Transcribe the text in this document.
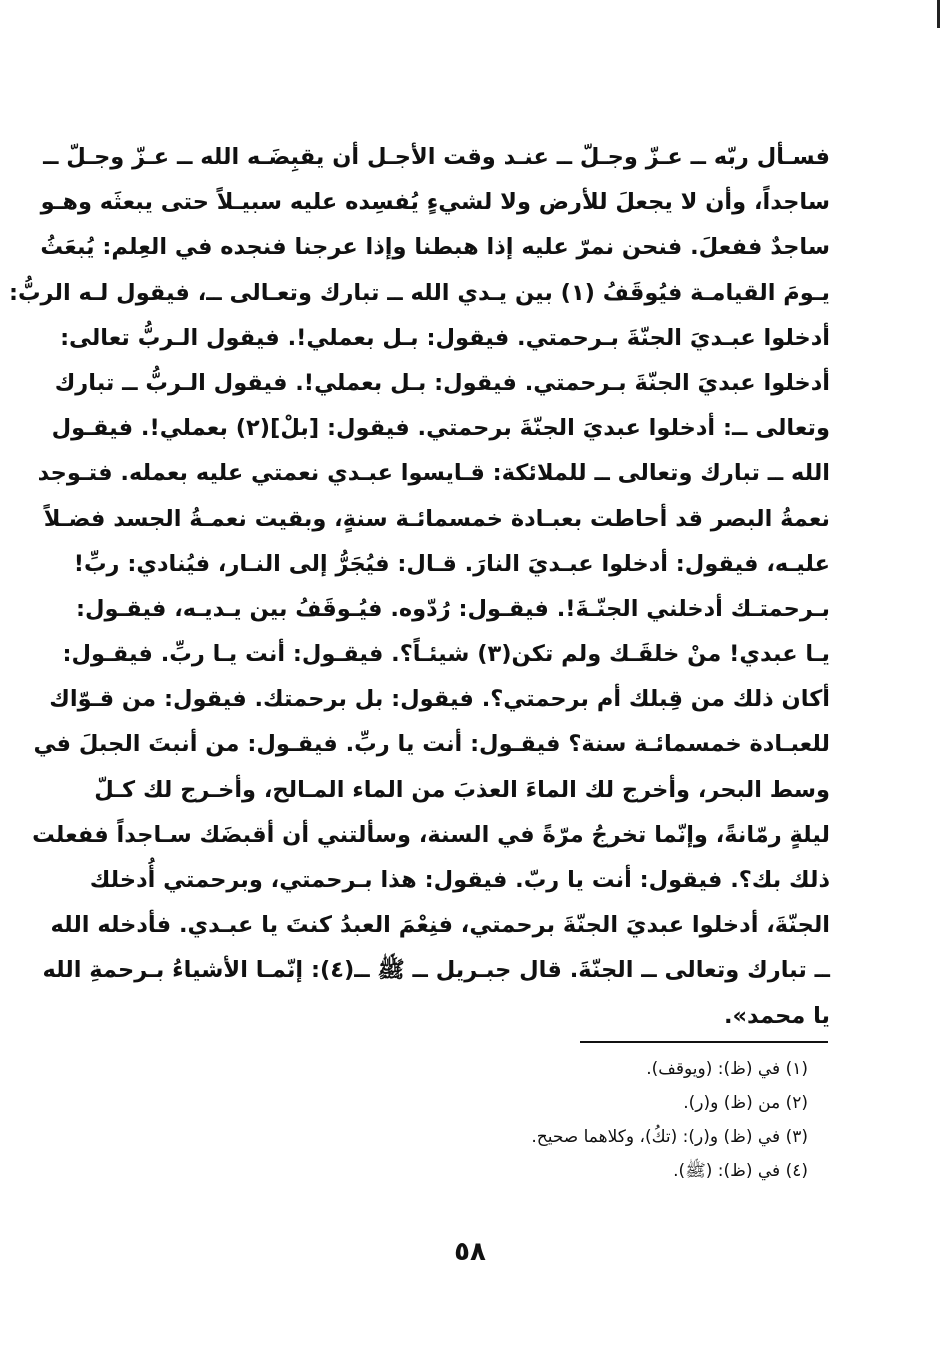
فسـأل ربّه ــ عـزّ وجـلّ ــ عنـد وقت الأجـل أن يقبِضَـه الله ــ عـزّ وجـلّ ــ
ساجداً، وأن لا يجعلَ للأرض ولا لشيءٍ يُفسِده عليه سبيـلاً حتى يبعثَه وهـو
ساجدٌ ففعلَ. فنحن نمرّ عليه إذا هبطنا وإذا عرجنا فنجده في العِلم: يُبعَثُ
يـومَ القيامـة فيُوقَفُ (١) بين يـدي الله ــ تبارك وتعـالى ــ، فيقول لـه الربُّ:
أدخلوا عبـديَ الجنّةَ بـرحمتي. فيقول: بـل بعملي!. فيقول الـربُّ تعالى:
أدخلوا عبديَ الجنّةَ بـرحمتي. فيقول: بـل بعملي!. فيقول الـربُّ ــ تبارك
وتعالى ــ: أدخلوا عبديَ الجنّةَ برحمتي. فيقول: [بلْ](٢) بعملي!. فيقـول
الله ــ تبارك وتعالى ــ للملائكة: قـايسوا عبـدي نعمتي عليه بعمله. فتـوجد
نعمةُ البصر قد أحاطت بعبـادة خمسمائـة سنةٍ، وبقيت نعمـةُ الجسد فضـلاً
عليـه، فيقول: أدخلوا عبـديَ النارَ. قـال: فيُجَرُّ إلى النـار، فيُنادي: ربِّ!
بـرحمتـك أدخلني الجنّـةَ!. فيقـول: رُدّوه. فيُـوقَفُ بين يـديـه، فيقـول:
يـا عبدي! منْ خلقَـك ولم تكن(٣) شيئـاً؟. فيقـول: أنت يـا ربِّ. فيقـول:
أكان ذلك من قِبلك أم برحمتي؟. فيقول: بل برحمتك. فيقول: من قـوّاك
للعبـادة خمسمائـة سنة؟ فيقـول: أنت يا ربِّ. فيقـول: من أنبتَ الجبلَ في
وسط البحر، وأخرج لك الماءَ العذبَ من الماء المـالح، وأخـرج لك كـلّ
ليلةٍ رمّانةً، وإنّما تخرجُ مرّةً في السنة، وسألتني أن أقبضَك سـاجداً ففعلت
ذلك بك؟. فيقول: أنت يا ربّ. فيقول: هذا بـرحمتي، وبرحمتي أُدخلك
الجنّةَ، أدخلوا عبديَ الجنّةَ برحمتي، فنِعْمَ العبدُ كنتَ يا عبـدي. فأدخله الله
ــ تبارك وتعالى ــ الجنّةَ. قال جبـريل ــ ﷺ ــ(٤): إنّمـا الأشياءُ بـرحمةِ الله
يا محمد».
(١) في (ظ): (ويوقف).
(٢) من (ظ) و(ر).
(٣) في (ظ) و(ر): (تكُ)، وكلاهما صحيح.
(٤) في (ظ): (ﷺ).
٥٨
